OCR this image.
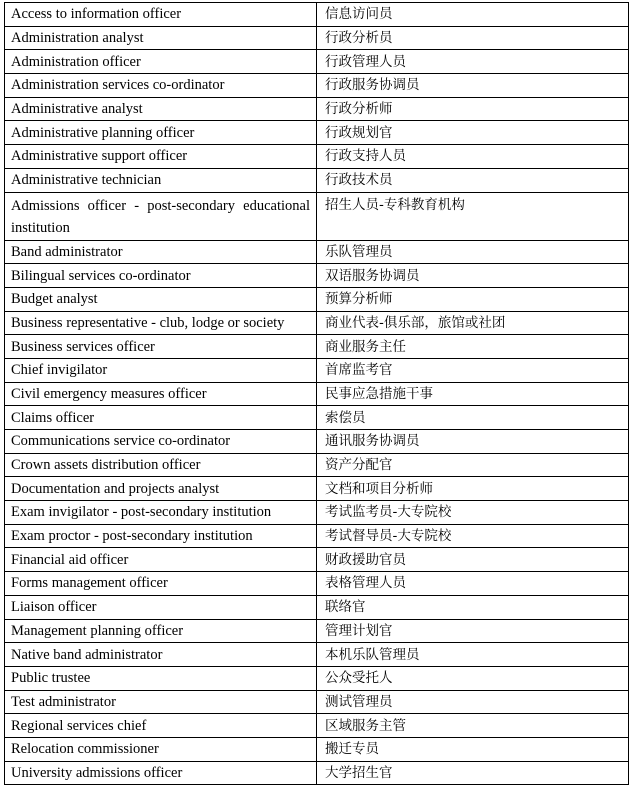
Access to information officer	信息访问员
Administration analyst	行政分析员
Administration officer	行政管理人员
Administration services co-ordinator	行政服务协调员
Administrative analyst	行政分析师
Administrative planning officer	行政规划官
Administrative support officer	行政支持人员
Administrative technician	行政技术员
Admissions officer - post-secondary educational institution	招生人员-专科教育机构
Band administrator	乐队管理员
Bilingual services co-ordinator	双语服务协调员
Budget analyst	预算分析师
Business representative - club, lodge or society	商业代表-俱乐部，旅馆或社团
Business services officer	商业服务主任
Chief invigilator	首席监考官
Civil emergency measures officer	民事应急措施干事
Claims officer	索偿员
Communications service co-ordinator	通讯服务协调员
Crown assets distribution officer	资产分配官
Documentation and projects analyst	文档和项目分析师
Exam invigilator - post-secondary institution	考试监考员-大专院校
Exam proctor - post-secondary institution	考试督导员-大专院校
Financial aid officer	财政援助官员
Forms management officer	表格管理人员
Liaison officer	联络官
Management planning officer	管理计划官
Native band administrator	本机乐队管理员
Public trustee	公众受托人
Test administrator	测试管理员
Regional services chief	区域服务主管
Relocation commissioner	搬迁专员
University admissions officer	大学招生官
